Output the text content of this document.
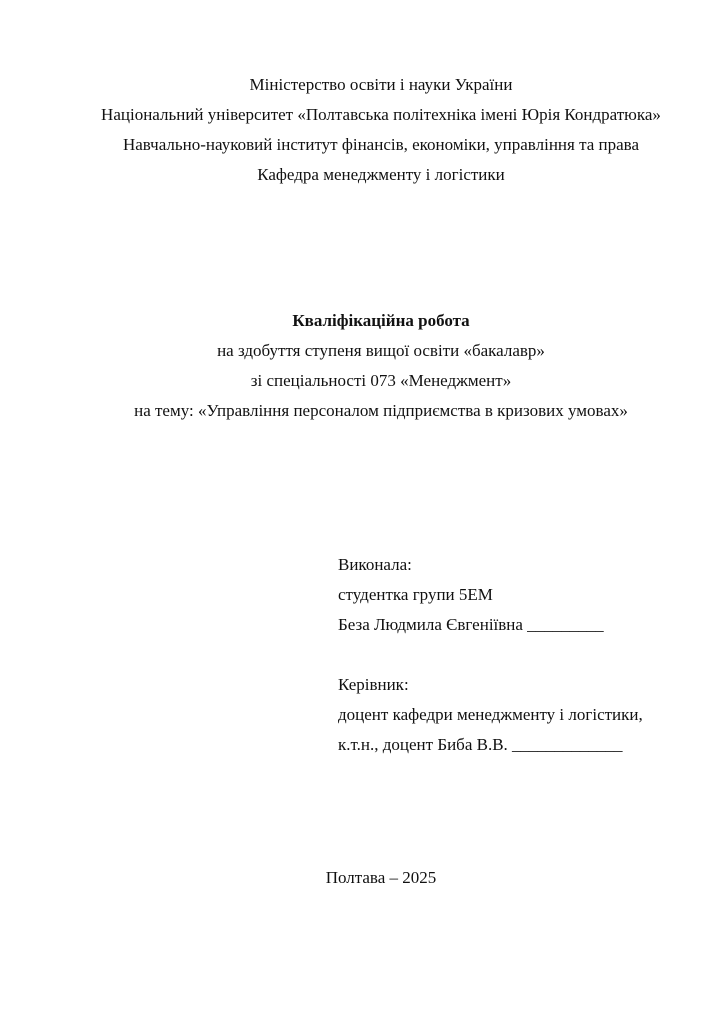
Міністерство освіти і науки України
Національний університет «Полтавська політехніка імені Юрія Кондратюка»
Навчально-науковий інститут фінансів, економіки, управління та права
Кафедра менеджменту і логістики
Кваліфікаційна робота
на здобуття ступеня вищої освіти «бакалавр»
зі спеціальності 073 «Менеджмент»
на тему: «Управління персоналом підприємства в кризових умовах»
Виконала:
студентка групи 5ЕМ
Беза Людмила Євгеніївна _________
Керівник:
доцент кафедри менеджменту і логістики,
к.т.н., доцент Биба В.В. _____________
Полтава – 2025
